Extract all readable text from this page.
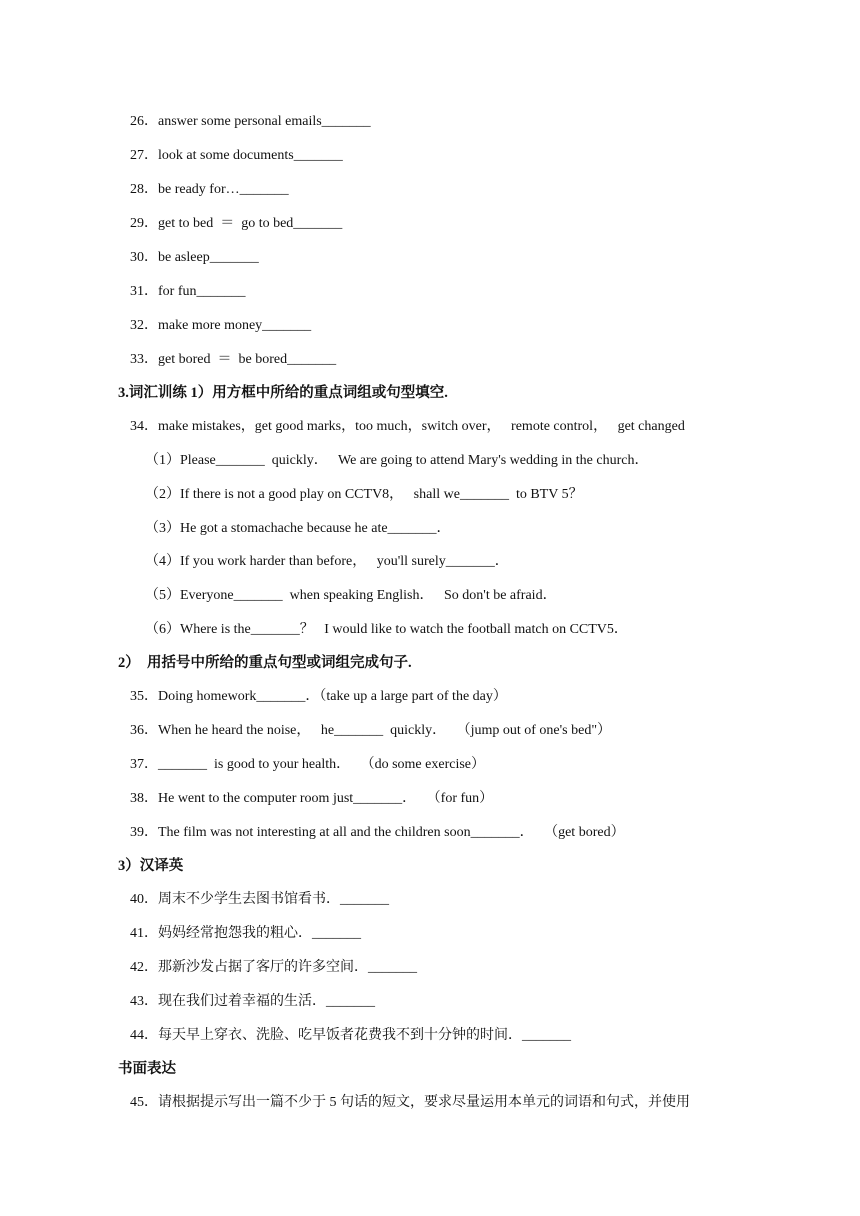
26．answer some personal emails_______
27．look at some documents_______
28．be ready for…_______
29．get to bed  ＝  go to bed_______
30．be asleep_______
31．for fun_______
32．make more money_______
33．get bored  ＝  be bored_______
3.词汇训练 1）用方框中所给的重点词组或句型填空.
34．make mistakes，get good marks，too much，switch over，   remote control，   get changed
（1）Please_______  quickly．   We are going to attend Mary's wedding in the church．
（2）If there is not a good play on CCTV8，   shall we_______  to BTV 5？
（3）He got a stomachache because he ate_______．
（4）If you work harder than before，   you'll surely_______．
（5）Everyone_______  when speaking English．   So don't be afraid．
（6）Where is the_______？   I would like to watch the football match on CCTV5．
2）  用括号中所给的重点句型或词组完成句子.
35．Doing homework_______．（take up a large part of the day）
36．When he heard the noise，   he_______  quickly．   （jump out of one's bed"）
37．_______  is good to your health．   （do some exercise）
38．He went to the computer room just_______．   （for fun）
39．The film was not interesting at all and the children soon_______．   （get bored）
3）汉译英
40．周末不少学生去图书馆看书．_______
41．妈妈经常抱怨我的粗心．_______
42．那新沙发占据了客厅的许多空间．_______
43．现在我们过着幸福的生活．_______
44．每天早上穿衣、洗脸、吃早饭者花费我不到十分钟的时间．_______
书面表达
45．请根据提示写出一篇不少于 5 句话的短文，要求尽量运用本单元的词语和句式，并使用
